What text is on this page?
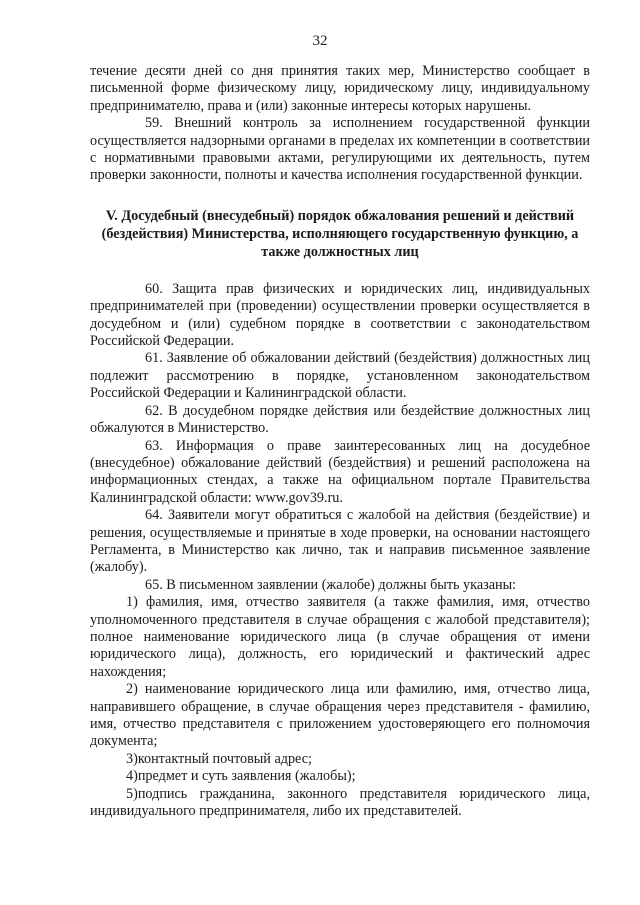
32

течение десяти дней со дня принятия таких мер, Министерство сообщает в письменной форме физическому лицу, юридическому лицу, индивидуальному предпринимателю, права и (или) законные интересы которых нарушены.

59. Внешний контроль за исполнением государственной функции осуществляется надзорными органами в пределах их компетенции в соответствии с нормативными правовыми актами, регулирующими их деятельность, путем проверки законности, полноты и качества исполнения государственной функции.

V. Досудебный (внесудебный) порядок обжалования решений и действий (бездействия) Министерства, исполняющего государственную функцию, а также должностных лиц

60. Защита прав физических и юридических лиц, индивидуальных предпринимателей при (проведении) осуществлении проверки осуществляется в досудебном и (или) судебном порядке в соответствии с законодательством Российской Федерации.

61. Заявление об обжаловании действий (бездействия) должностных лиц подлежит рассмотрению в порядке, установленном законодательством Российской Федерации и Калининградской области.

62. В досудебном порядке действия или бездействие должностных лиц обжалуются в Министерство.

63. Информация о праве заинтересованных лиц на досудебное (внесудебное) обжалование действий (бездействия) и решений расположена на информационных стендах, а также на официальном портале Правительства Калининградской области: www.gov39.ru.

64. Заявители могут обратиться с жалобой на действия (бездействие) и решения, осуществляемые и принятые в ходе проверки, на основании настоящего Регламента, в Министерство как лично, так и направив письменное заявление (жалобу).

65. В письменном заявлении (жалобе) должны быть указаны:

1) фамилия, имя, отчество заявителя (а также фамилия, имя, отчество уполномоченного представителя в случае обращения с жалобой представителя); полное наименование юридического лица (в случае обращения от имени юридического лица), должность, его юридический и фактический адрес нахождения;

2) наименование юридического лица или фамилию, имя, отчество лица, направившего обращение, в случае обращения через представителя - фамилию, имя, отчество представителя с приложением удостоверяющего его полномочия документа;

3)контактный почтовый адрес;

4)предмет и суть заявления (жалобы);

5)подпись гражданина, законного представителя юридического лица, индивидуального предпринимателя, либо их представителей.
